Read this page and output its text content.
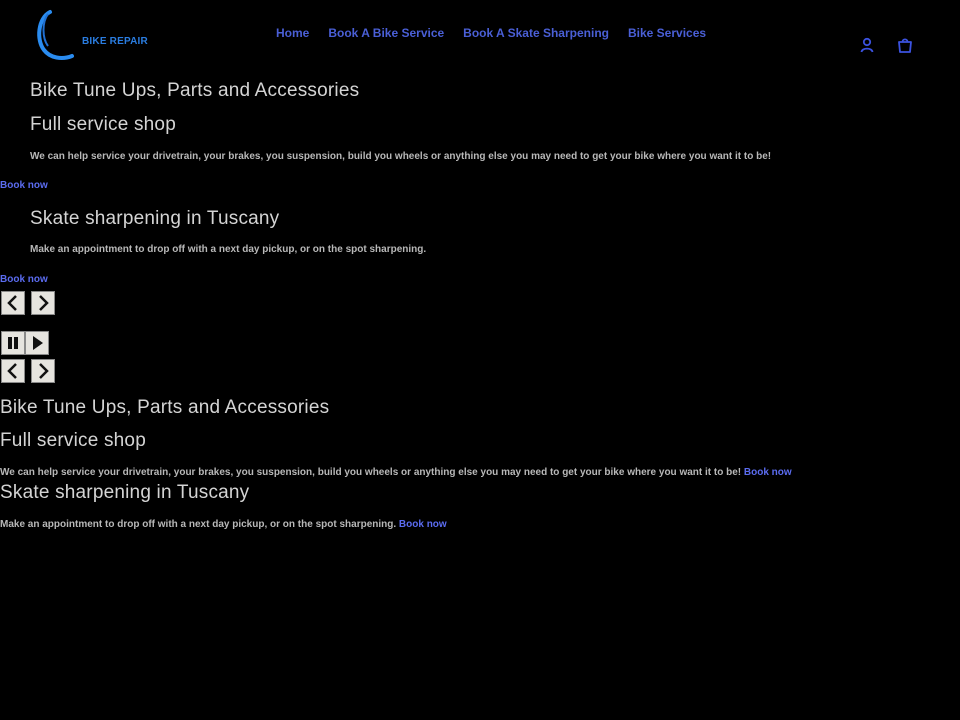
BIKE REPAIR
Home Book A Bike Service Book A Skate Sharpening Bike Services
Bike Tune Ups, Parts and Accessories
Full service shop
We can help service your drivetrain, your brakes, you suspension, build you wheels or anything else you may need to get your bike where you want it to be!
Book now
Skate sharpening in Tuscany
Make an appointment to drop off with a next day pickup, or on the spot sharpening.
Book now
Bike Tune Ups, Parts and Accessories
Full service shop
We can help service your drivetrain, your brakes, you suspension, build you wheels or anything else you may need to get your bike where you want it to be! Book now
Skate sharpening in Tuscany
Make an appointment to drop off with a next day pickup, or on the spot sharpening. Book now
